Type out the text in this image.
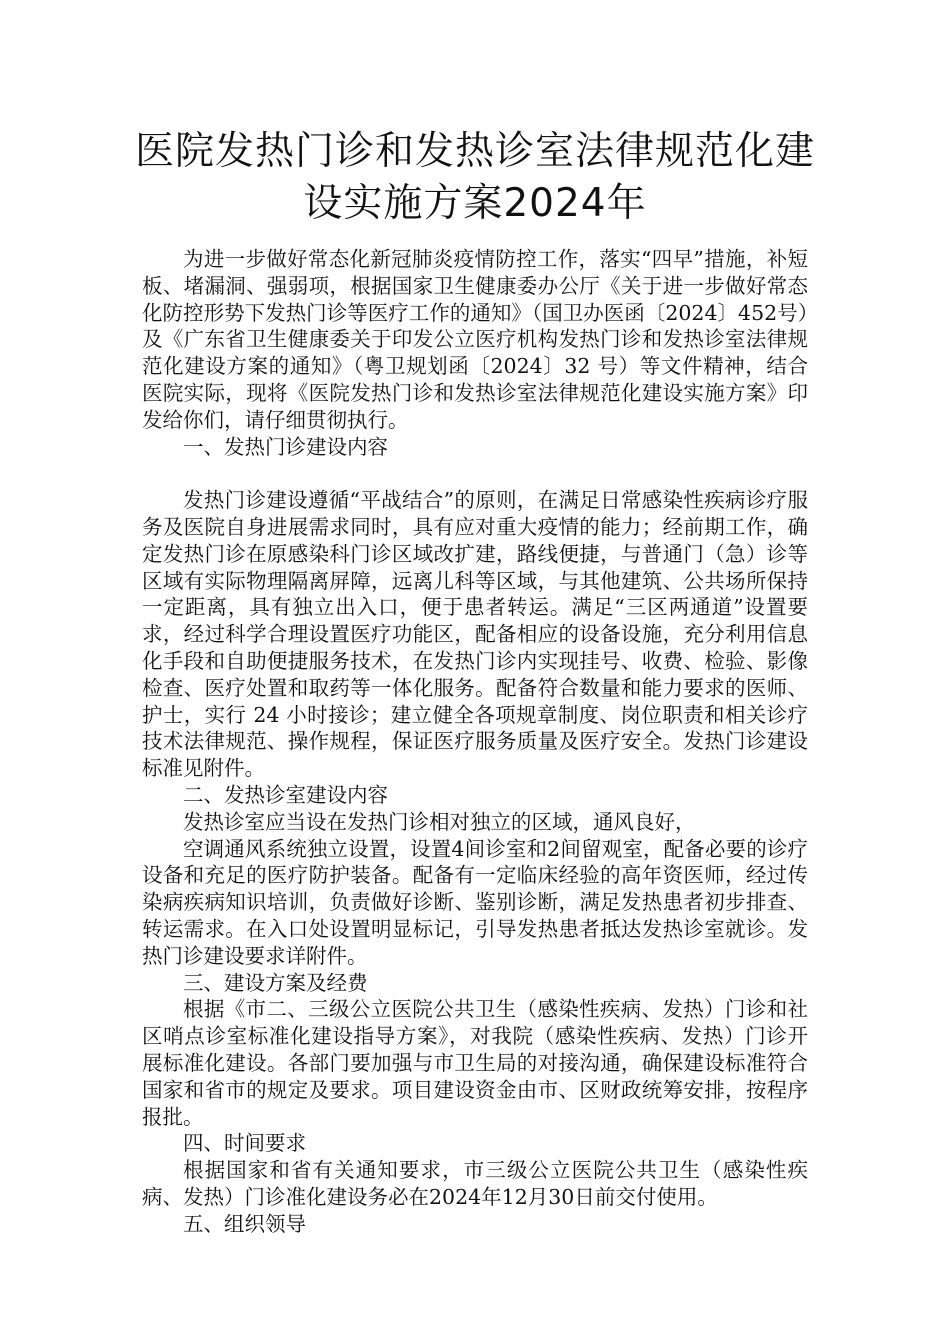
医院发热门诊和发热诊室法律规范化建
设实施方案2024年

为进一步做好常态化新冠肺炎疫情防控工作，落实“四早”措施，补短板、堵漏洞、强弱项，根据国家卫生健康委办公厅《关于进一步做好常态化防控形势下发热门诊等医疗工作的通知》（国卫办医函〔2024〕452号）及《广东省卫生健康委关于印发公立医疗机构发热门诊和发热诊室法律规范化建设方案的通知》（粤卫规划函〔2024〕32 号）等文件精神，结合医院实际，现将《医院发热门诊和发热诊室法律规范化建设实施方案》印发给你们，请仔细贯彻执行。

一、发热门诊建设内容

发热门诊建设遵循“平战结合”的原则，在满足日常感染性疾病诊疗服务及医院自身进展需求同时，具有应对重大疫情的能力；经前期工作，确定发热门诊在原感染科门诊区域改扩建，路线便捷，与普通门（急）诊等区域有实际物理隔离屏障，远离儿科等区域，与其他建筑、公共场所保持一定距离，具有独立出入口，便于患者转运。满足“三区两通道”设置要求，经过科学合理设置医疗功能区，配备相应的设备设施，充分利用信息化手段和自助便捷服务技术，在发热门诊内实现挂号、收费、检验、影像检查、医疗处置和取药等一体化服务。配备符合数量和能力要求的医师、护士，实行 24 小时接诊；建立健全各项规章制度、岗位职责和相关诊疗技术法律规范、操作规程，保证医疗服务质量及医疗安全。发热门诊建设标准见附件。

二、发热诊室建设内容

发热诊室应当设在发热门诊相对独立的区域，通风良好，

空调通风系统独立设置，设置4间诊室和2间留观室，配备必要的诊疗设备和充足的医疗防护装备。配备有一定临床经验的高年资医师，经过传染病疾病知识培训，负责做好诊断、鉴别诊断，满足发热患者初步排查、转运需求。在入口处设置明显标记，引导发热患者抵达发热诊室就诊。发热门诊建设要求详附件。

三、建设方案及经费

根据《市二、三级公立医院公共卫生（感染性疾病、发热）门诊和社区哨点诊室标准化建设指导方案》，对我院（感染性疾病、发热）门诊开展标准化建设。各部门要加强与市卫生局的对接沟通，确保建设标准符合国家和省市的规定及要求。项目建设资金由市、区财政统筹安排，按程序报批。

四、时间要求

根据国家和省有关通知要求，市三级公立医院公共卫生（感染性疾病、发热）门诊准化建设务必在2024年12月30日前交付使用。

五、组织领导
